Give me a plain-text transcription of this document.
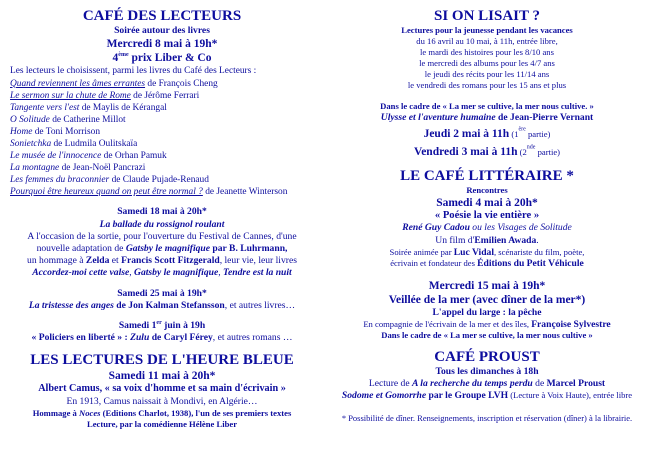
CAFÉ DES LECTEURS

Soirée autour des livres

Mercredi 8 mai à 19h*

4ème prix Liber & Co

Les lecteurs le choisissent, parmi les livres du Café des Lecteurs :

Quand reviennent les âmes errantes de François Cheng

Le sermon sur la chute de Rome de Jérôme Ferrari

Tangente vers l'est de Maylis de Kérangal

O Solitude de Catherine Millot

Home de Toni Morrison

Sonietchka de Ludmila Oulitskaïa

Le musée de l'innocence de Orhan Pamuk

La montagne de Jean-Noël Pancrazi

Les femmes du braconnier de Claude Pujade-Renaud

Pourquoi être heureux quand on peut être normal ? de Jeanette Winterson

Samedi 18 mai à 20h*

La ballade du rossignol roulant

A l'occasion de la sortie, pour l'ouverture du Festival de Cannes, d'une

nouvelle adaptation de Gatsby le magnifique par B. Luhrmann,

un hommage à Zelda et Francis Scott Fitzgerald, leur vie, leur livres

Accordez-moi cette valse, Gatsby le magnifique, Tendre est la nuit

Samedi 25 mai à 19h*

La tristesse des anges de Jon Kalman Stefansson, et autres livres…

Samedi 1er juin à 19h

« Policiers en liberté » : Zulu de Caryl Férey, et autres romans …

LES LECTURES DE L'HEURE BLEUE

Samedi 11 mai à 20h*

Albert Camus, « sa voix d'homme et sa main d'écrivain »

En 1913, Camus naissait à Mondivi, en Algérie…

Hommage à Noces (Editions Charlot, 1938), l'un de ses premiers textes

Lecture, par la comédienne Hélène Liber

SI ON LISAIT ?

Lectures pour la jeunesse pendant les vacances

du 16 avril au 10 mai, à 11h, entrée libre,

le mardi des histoires pour les 8/10 ans

le mercredi des albums pour les 4/7 ans

le jeudi des récits pour les 11/14 ans

le vendredi des romans pour les 15 ans et plus

Dans le cadre de « La mer se cultive, la mer nous cultive. »

Ulysse et l'aventure humaine de Jean-Pierre Vernant

Jeudi 2 mai à 11h (1ère partie)

Vendredi 3 mai à 11h (2nde partie)

LE CAFÉ LITTÉRAIRE *

Rencontres

Samedi 4 mai à 20h*

« Poésie la vie entière »

René Guy Cadou ou les Visages de Solitude

Un film d'Emilien Awada.

Soirée animée par Luc Vidal, scénariste du film, poète,

écrivain et fondateur des Éditions du Petit Véhicule

Mercredi 15 mai à 19h*

Veillée de la mer (avec dîner de la mer*)

L'appel du large : la pêche

En compagnie de l'écrivain de la mer et des îles, Françoise Sylvestre

Dans le cadre de « La mer se cultive, la mer nous cultive »

CAFÉ PROUST

Tous les dimanches à 18h

Lecture de A la recherche du temps perdu de Marcel Proust

Sodome et Gomorrhe par le Groupe LVH (Lecture à Voix Haute), entrée libre

* Possibilité de dîner. Renseignements, inscription et réservation (dîner) à la librairie.
